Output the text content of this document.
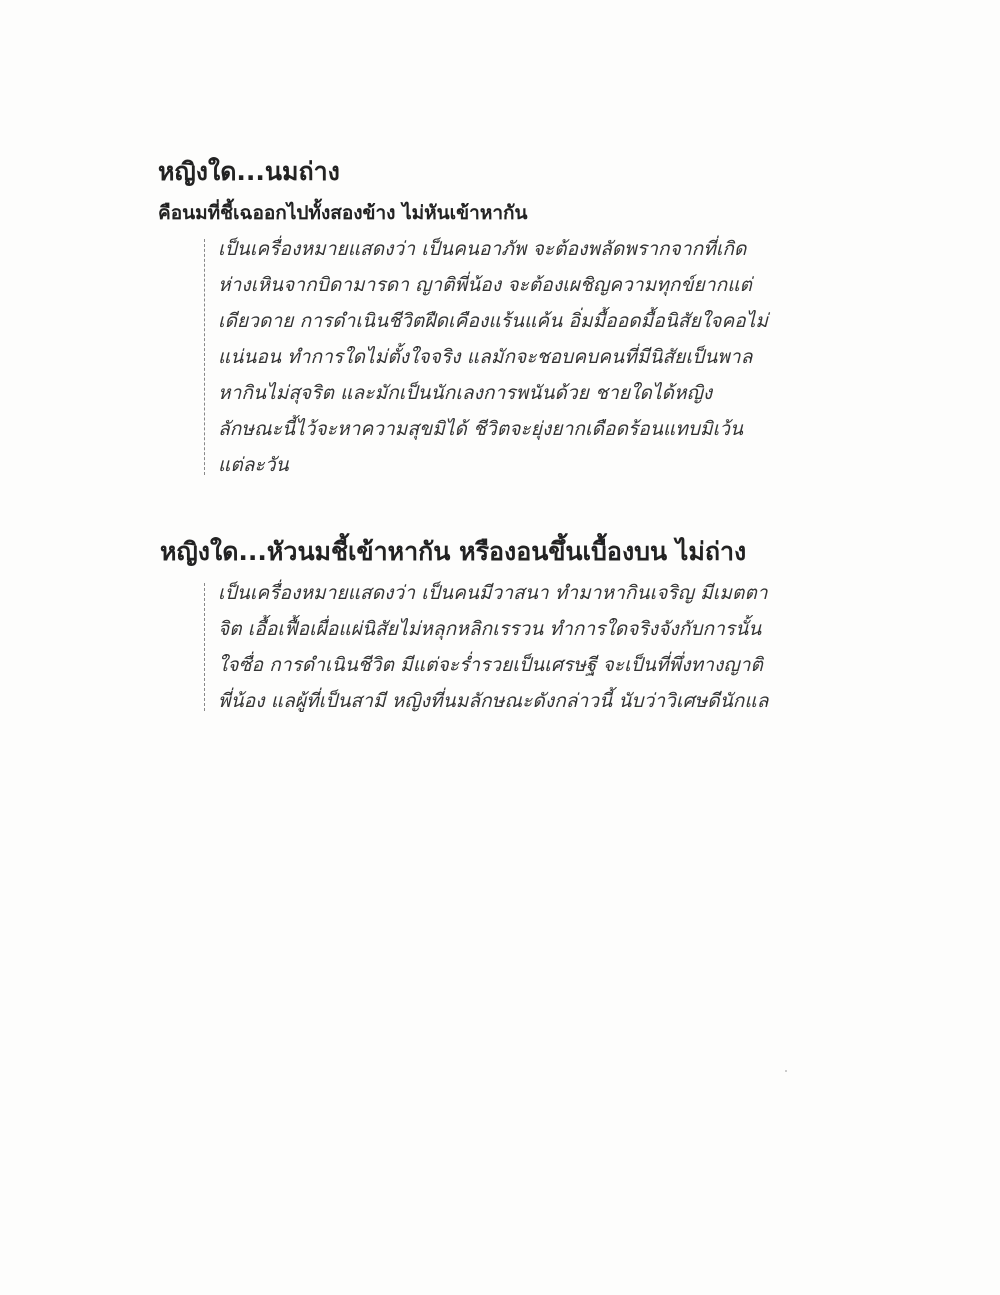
หญิงใด...นมถ่าง
คือนมที่ชี้เฉออกไปทั้งสองข้าง ไม่หันเข้าหากัน
เป็นเครื่องหมายแสดงว่า เป็นคนอาภัพ จะต้องพลัดพรากจากที่เกิด
ห่างเหินจากบิดามารดา ญาติพี่น้อง จะต้องเผชิญความทุกข์ยากแต่
เดียวดาย การดำเนินชีวิตฝืดเคืองแร้นแค้น อิ่มมื้ออดมื้อนิสัยใจคอไม่
แน่นอน ทำการใดไม่ตั้งใจจริง แลมักจะชอบคบคนที่มีนิสัยเป็นพาล
หากินไม่สุจริต และมักเป็นนักเลงการพนันด้วย ชายใดได้หญิง
ลักษณะนี้ไว้จะหาความสุขมิได้ ชีวิตจะยุ่งยากเดือดร้อนแทบมิเว้น
แต่ละวัน
หญิงใด...หัวนมชี้เข้าหากัน หรืองอนขึ้นเบื้องบน ไม่ถ่าง
เป็นเครื่องหมายแสดงว่า เป็นคนมีวาสนา ทำมาหากินเจริญ มีเมตตา
จิต เอื้อเฟื้อเผื่อแผ่นิสัยไม่หลุกหลิกเรรวน ทำการใดจริงจังกับการนั้น
ใจซื่อ การดำเนินชีวิต มีแต่จะร่ำรวยเป็นเศรษฐี จะเป็นที่พึ่งทางญาติ
พี่น้อง แลผู้ที่เป็นสามี หญิงที่นมลักษณะดังกล่าวนี้ นับว่าวิเศษดีนักแล
